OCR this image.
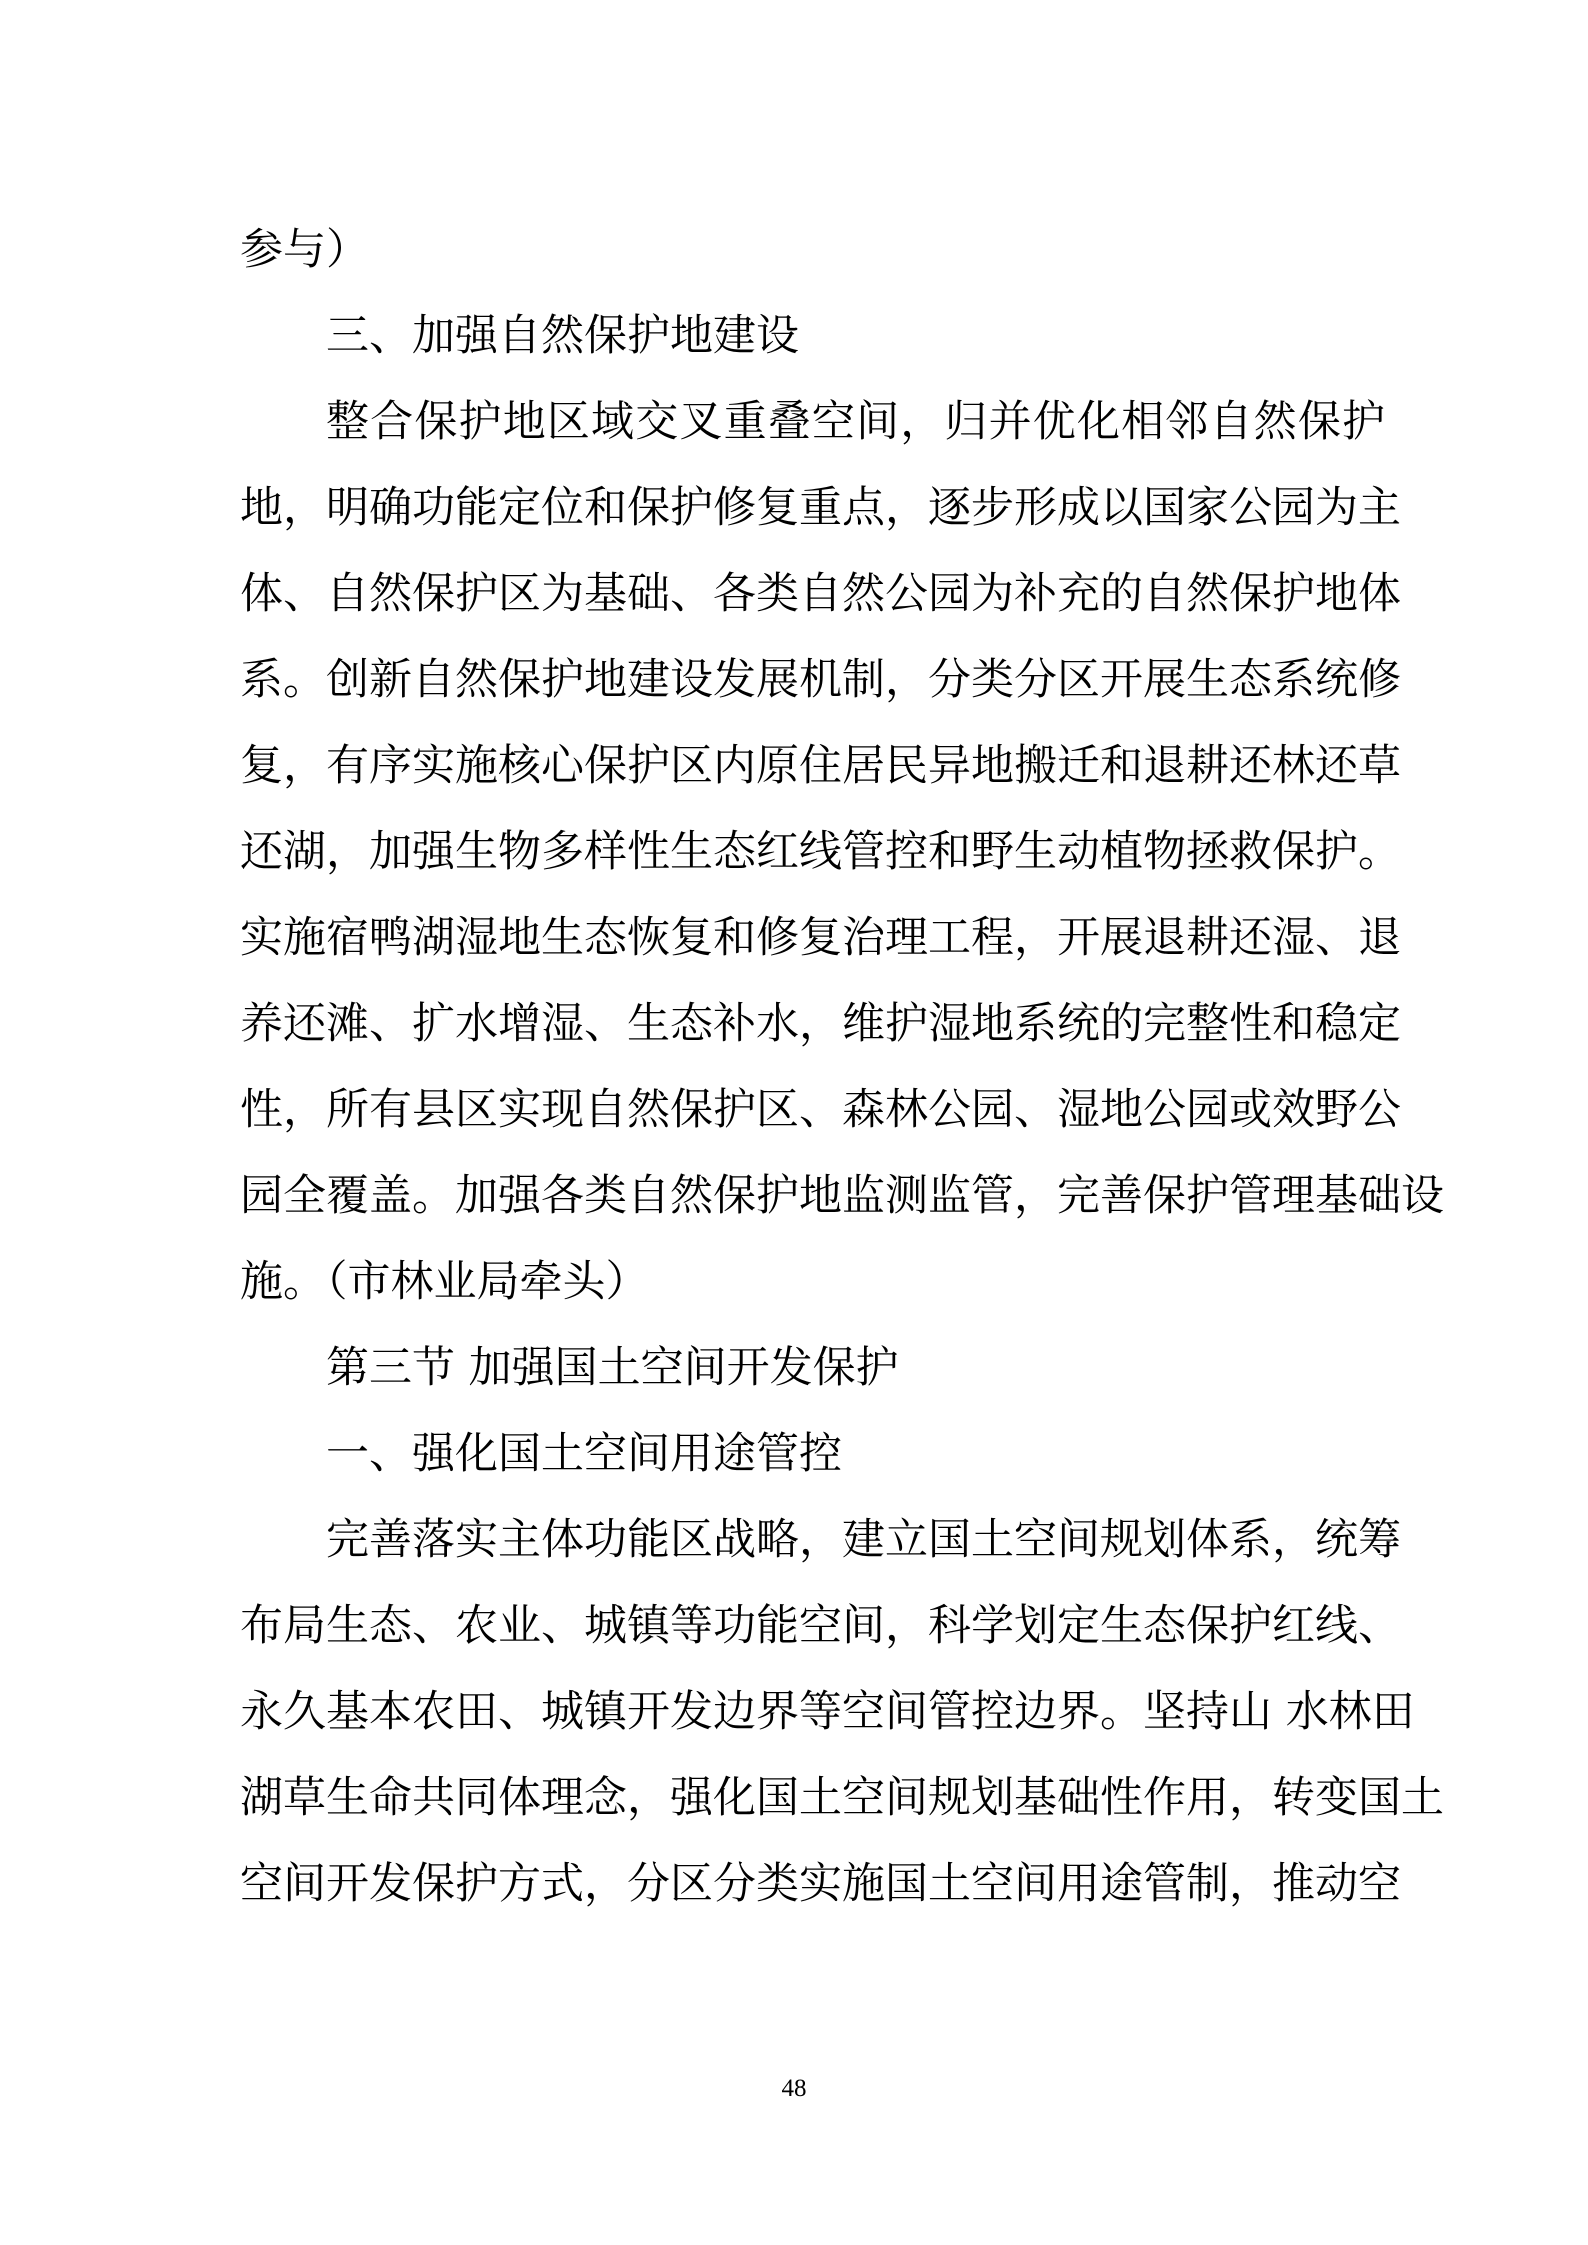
参与）
三、加强自然保护地建设
整合保护地区域交叉重叠空间，归并优化相邻自然保护
地，明确功能定位和保护修复重点，逐步形成以国家公园为主
体、自然保护区为基础、各类自然公园为补充的自然保护地体
系。创新自然保护地建设发展机制，分类分区开展生态系统修
复，有序实施核心保护区内原住居民异地搬迁和退耕还林还草
还湖，加强生物多样性生态红线管控和野生动植物拯救保护。
实施宿鸭湖湿地生态恢复和修复治理工程，开展退耕还湿、退
养还滩、扩水增湿、生态补水，维护湿地系统的完整性和稳定
性，所有县区实现自然保护区、森林公园、湿地公园或效野公
园全覆盖。加强各类自然保护地监测监管，完善保护管理基础设
施。（市林业局牵头）
第三节 加强国土空间开发保护
一、强化国土空间用途管控
完善落实主体功能区战略，建立国土空间规划体系，统筹
布局生态、农业、城镇等功能空间，科学划定生态保护红线、
永久基本农田、城镇开发边界等空间管控边界。坚持山 水林田
湖草生命共同体理念，强化国土空间规划基础性作用，转变国土
空间开发保护方式，分区分类实施国土空间用途管制，推动空
48
